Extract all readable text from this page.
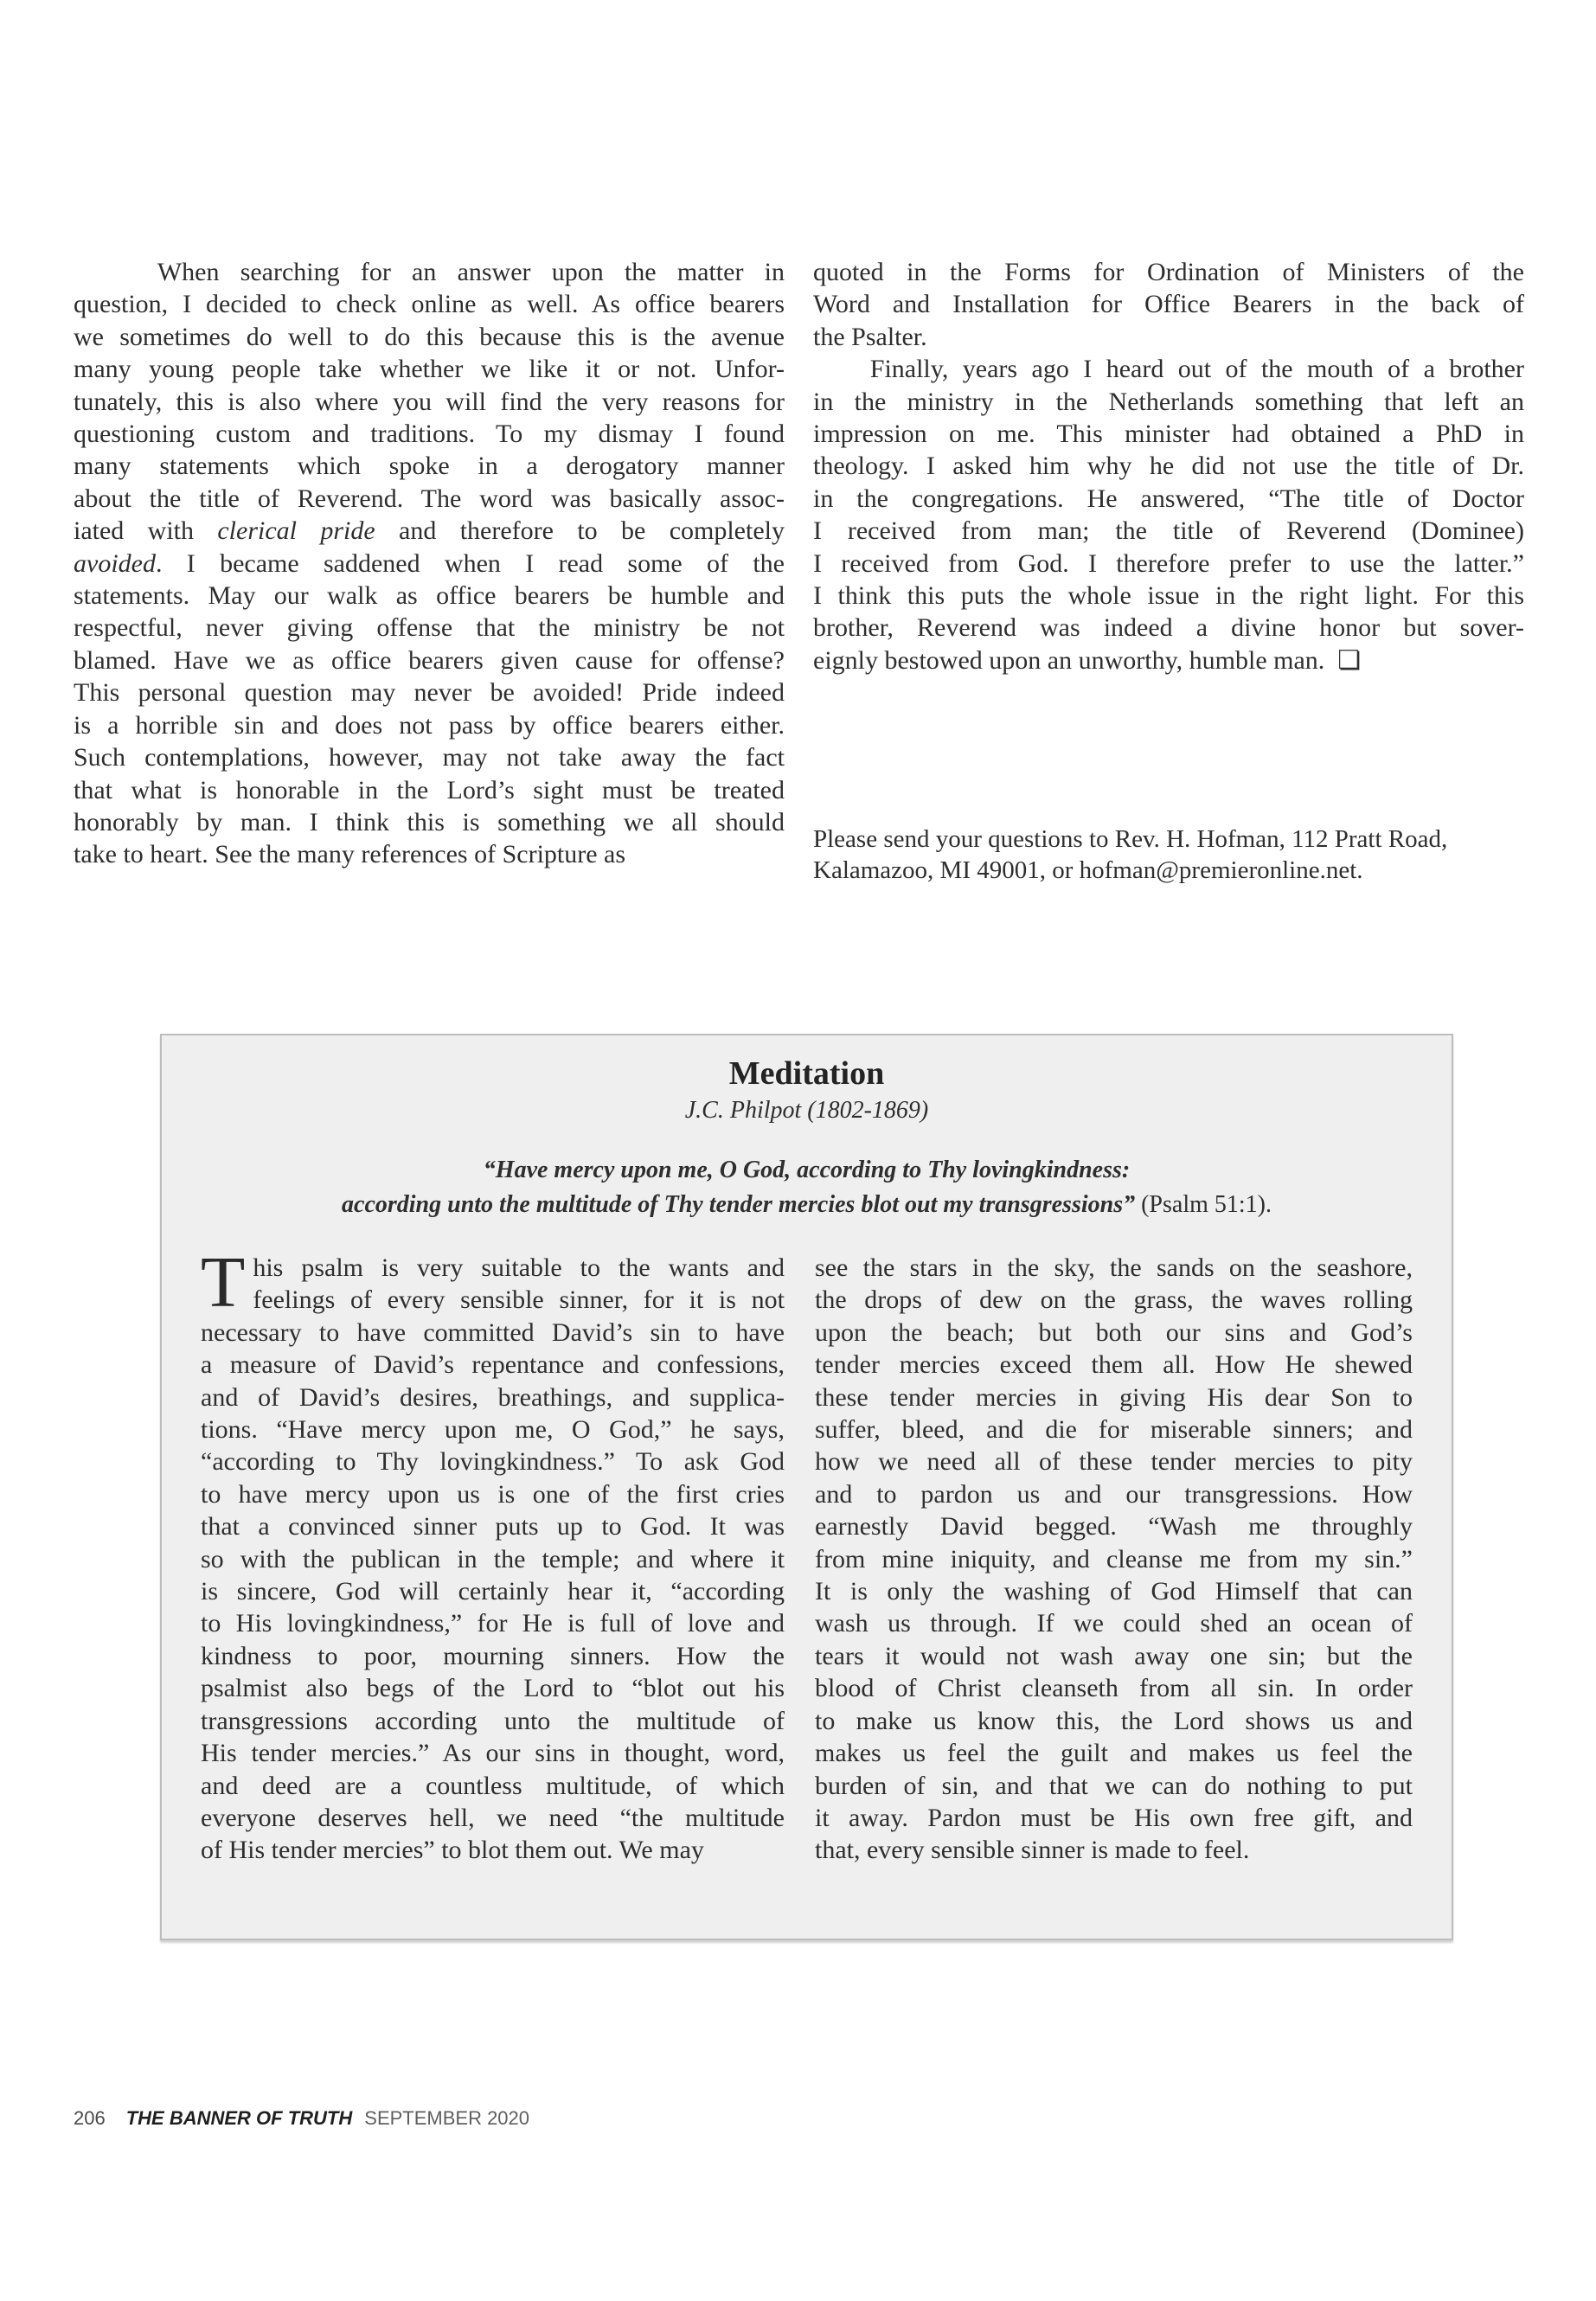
When searching for an answer upon the matter in
question, I decided to check online as well. As office bearers
we sometimes do well to do this because this is the avenue
many young people take whether we like it or not. Unfor-
tunately, this is also where you will find the very reasons for
questioning custom and traditions. To my dismay I found
many statements which spoke in a derogatory manner
about the title of Reverend. The word was basically assoc-
iated with clerical pride and therefore to be completely
avoided. I became saddened when I read some of the
statements. May our walk as office bearers be humble and
respectful, never giving offense that the ministry be not
blamed. Have we as office bearers given cause for offense?
This personal question may never be avoided! Pride indeed
is a horrible sin and does not pass by office bearers either.
Such contemplations, however, may not take away the fact
that what is honorable in the Lord’s sight must be treated
honorably by man. I think this is something we all should
take to heart. See the many references of Scripture as
quoted in the Forms for Ordination of Ministers of the
Word and Installation for Office Bearers in the back of
the Psalter.
Finally, years ago I heard out of the mouth of a brother
in the ministry in the Netherlands something that left an
impression on me. This minister had obtained a PhD in
theology. I asked him why he did not use the title of Dr.
in the congregations. He answered, “The title of Doctor
I received from man; the title of Reverend (Dominee)
I received from God. I therefore prefer to use the latter.”
I think this puts the whole issue in the right light. For this
brother, Reverend was indeed a divine honor but sover-
eignly bestowed upon an unworthy, humble man.  ❏
Please send your questions to Rev. H. Hofman, 112 Pratt Road,
Kalamazoo, MI 49001, or hofman@premieronline.net.
Meditation
J.C. Philpot (1802-1869)
“Have mercy upon me, O God, according to Thy lovingkindness:
according unto the multitude of Thy tender mercies blot out my transgressions” (Psalm 51:1).
T his psalm is very suitable to the wants and
feelings of every sensible sinner, for it is not
necessary to have committed David’s sin to have
a measure of David’s repentance and confessions,
and of David’s desires, breathings, and supplica-
tions. “Have mercy upon me, O God,” he says,
“according to Thy lovingkindness.” To ask God
to have mercy upon us is one of the first cries
that a convinced sinner puts up to God. It was
so with the publican in the temple; and where it
is sincere, God will certainly hear it, “according
to His lovingkindness,” for He is full of love and
kindness to poor, mourning sinners. How the
psalmist also begs of the Lord to “blot out his
transgressions according unto the multitude of
His tender mercies.” As our sins in thought, word,
and deed are a countless multitude, of which
everyone deserves hell, we need “the multitude
of His tender mercies” to blot them out. We may
see the stars in the sky, the sands on the seashore,
the drops of dew on the grass, the waves rolling
upon the beach; but both our sins and God’s
tender mercies exceed them all. How He shewed
these tender mercies in giving His dear Son to
suffer, bleed, and die for miserable sinners; and
how we need all of these tender mercies to pity
and to pardon us and our transgressions. How
earnestly David begged. “Wash me throughly
from mine iniquity, and cleanse me from my sin.”
It is only the washing of God Himself that can
wash us through. If we could shed an ocean of
tears it would not wash away one sin; but the
blood of Christ cleanseth from all sin. In order
to make us know this, the Lord shows us and
makes us feel the guilt and makes us feel the
burden of sin, and that we can do nothing to put
it away. Pardon must be His own free gift, and
that, every sensible sinner is made to feel.
206 THE BANNER OF TRUTH SEPTEMBER 2020
